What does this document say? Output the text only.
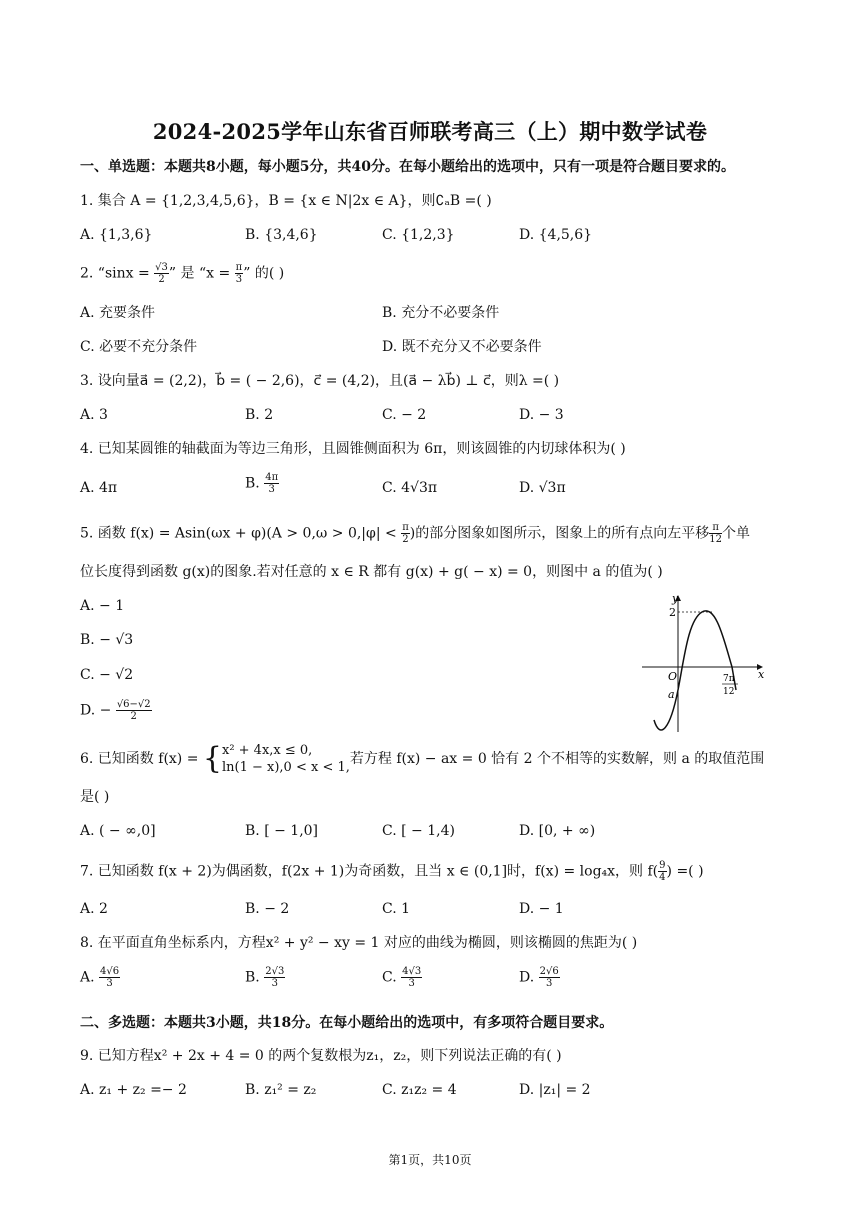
2024-2025学年山东省百师联考高三（上）期中数学试卷
一、单选题：本题共8小题，每小题5分，共40分。在每小题给出的选项中，只有一项是符合题目要求的。
1. 集合 A = {1,2,3,4,5,6}，B = {x ∈ N|2x ∈ A}，则∁ₐB =( )
A. {1,3,6}	B. {3,4,6}	C. {1,2,3}	D. {4,5,6}
2. “$\sin x = \frac{√3}{2}$ ” 是 “$x = \frac{\pi}{3}$ ” 的( )
A. 充要条件	B. 充分不必要条件
C. 必要不充分条件	D. 既不充分又不必要条件
3. 设向量a⃗ = (2,2)，b⃗ = ( − 2,6)，c⃗ = (4,2)，且(a⃗ − λb⃗) ⊥ c⃗，则λ =( )
A. 3	B. 2	C. − 2	D. − 3
4. 已知某圆锥的轴截面为等边三角形，且圆锥侧面积为 6π，则该圆锥的内切球体积为( )
A. 4π	B. $\frac{4\pi}{3}$	C. 4√3π	D. √3π
5. 函数 $f(x) = Asin(\omega x + \varphi)(A > 0,\omega > 0,|\varphi| < \frac{\pi}{2}$ )的部分图象如图所示，图象上的所有点向左平移 $\frac{\pi}{12}$ 个单
位长度得到函数 g(x)的图象.若对任意的 x ∈ R 都有 g(x) + g( − x) = 0，则图中 a 的值为( )
A. − 1
B. − √3
C. − √2
D. − $\frac{√6-√2}{2}$
y
x
O
a
2
7π
12
6. 已知函数 f(x) = { x² + 4x,x ≤ 0,
ln(1 − x),0 < x < 1,
若方程 f(x) − ax = 0 恰有 2 个不相等的实数解，则 a 的取值范围
是( )
A. ( − ∞,0]	B. [ − 1,0]	C. [ − 1,4)	D. [0, + ∞)
7. 已知函数 f(x + 2)为偶函数，f(2x + 1)为奇函数，且当 x ∈ (0,1]时，f(x) = log₄x，则 $f( \frac{9}{4}$ ) =( )
A. 2	B. − 2	C. 1	D. − 1
8. 在平面直角坐标系内，方程x² + y² − xy = 1 对应的曲线为椭圆，则该椭圆的焦距为( )
A. $\frac{4√6}{3}$	B. $\frac{2√3}{3}$	C. $\frac{4√3}{3}$	D. $\frac{2√6}{3}$
二、多选题：本题共3小题，共18分。在每小题给出的选项中，有多项符合题目要求。
9. 已知方程x² + 2x + 4 = 0 的两个复数根为z₁，z₂，则下列说法正确的有( )
A. z₁ + z₂ =− 2	B. z₁² = z₂	C. z₁z₂ = 4	D. |z₁| = 2
第1页，共10页
